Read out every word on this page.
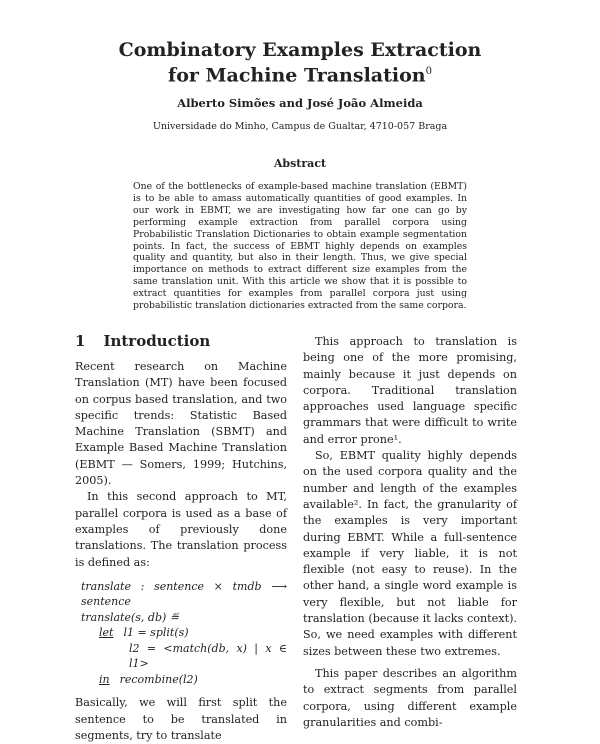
Combinatory Examples Extraction
for Machine Translation$^0$
Alberto Simões and José João Almeida
Universidade do Minho, Campus de Gualtar, 4710-057 Braga
Abstract
One of the bottlenecks of example-based machine translation (EBMT) is to be able to amass automatically quantities of good examples. In our work in EBMT, we are investigating how far one can go by performing example extraction from parallel corpora using Probabilistic Translation Dictionaries to obtain example segmentation points. In fact, the success of EBMT highly depends on examples quality and quantity, but also in their length. Thus, we give special importance on methods to extract different size examples from the same translation unit. With this article we show that it is possible to extract quantities for examples from parallel corpora just using probabilistic translation dictionaries extracted from the same corpora.
1 Introduction

Recent research on Machine Translation (MT) have been focused on corpus based translation, and two specific trends: Statistic Based Machine Translation (SBMT) and Example Based Machine Translation (EBMT — Somers, 1999; Hutchins, 2005).

In this second approach to MT, parallel corpora is used as a base of examples of previously done translations. The translation process is defined as:

translate : sentence × tmdb ⟶ sentence
translate(s, db) ≝
let l1 = split(s)
l2 = <match(db, x) | x ∈ l1>
in recombine(l2)

Basically, we will first split the sentence to be translated in segments, try to translate

This approach to translation is being one of the more promising, mainly because it just depends on corpora. Traditional translation approaches used language specific grammars that were difficult to write and error prone¹.

So, EBMT quality highly depends on the used corpora quality and the number and length of the examples available². In fact, the granularity of the examples is very important during EBMT. While a full-sentence example if very liable, it is not flexible (not easy to reuse). In the other hand, a single word example is very flexible, but not liable for translation (because it lacks context). So, we need examples with different sizes between these two extremes.

This paper describes an algorithm to extract segments from parallel corpora, using different example granularities and combi-
